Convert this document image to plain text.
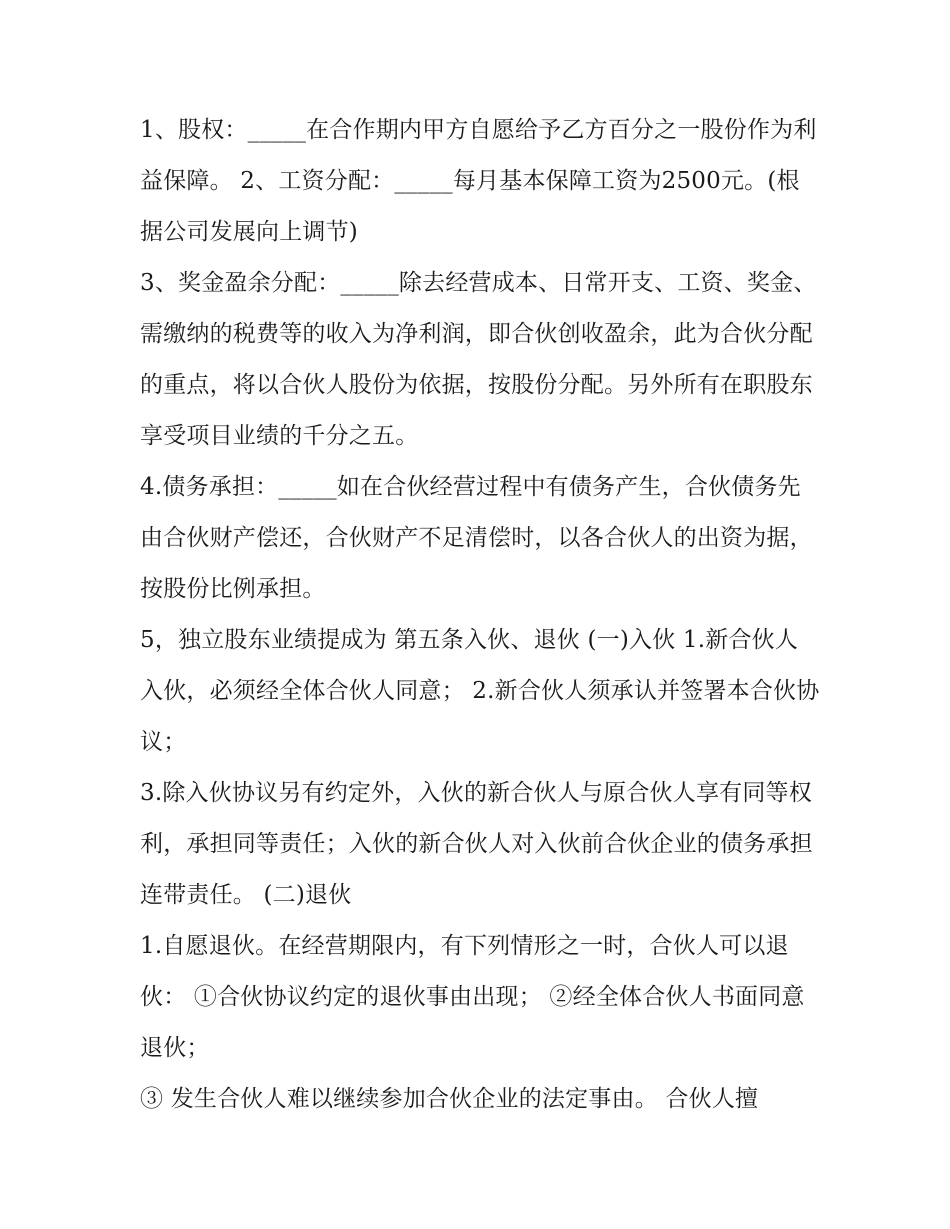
1、股权：_____在合作期内甲方自愿给予乙方百分之一股份作为利益保障。 2、工资分配：_____每月基本保障工资为2500元。(根据公司发展向上调节)

3、奖金盈余分配：_____除去经营成本、日常开支、工资、奖金、需缴纳的税费等的收入为净利润，即合伙创收盈余，此为合伙分配的重点，将以合伙人股份为依据，按股份分配。另外所有在职股东享受项目业绩的千分之五。

4.债务承担：_____如在合伙经营过程中有债务产生，合伙债务先由合伙财产偿还，合伙财产不足清偿时，以各合伙人的出资为据，按股份比例承担。

5，独立股东业绩提成为 第五条入伙、退伙 (一)入伙 1.新合伙人入伙，必须经全体合伙人同意； 2.新合伙人须承认并签署本合伙协议；

3.除入伙协议另有约定外，入伙的新合伙人与原合伙人享有同等权利，承担同等责任；入伙的新合伙人对入伙前合伙企业的债务承担连带责任。 (二)退伙

1.自愿退伙。在经营期限内，有下列情形之一时，合伙人可以退伙： ①合伙协议约定的退伙事由出现； ②经全体合伙人书面同意退伙；

③ 发生合伙人难以继续参加合伙企业的法定事由。 合伙人擅
